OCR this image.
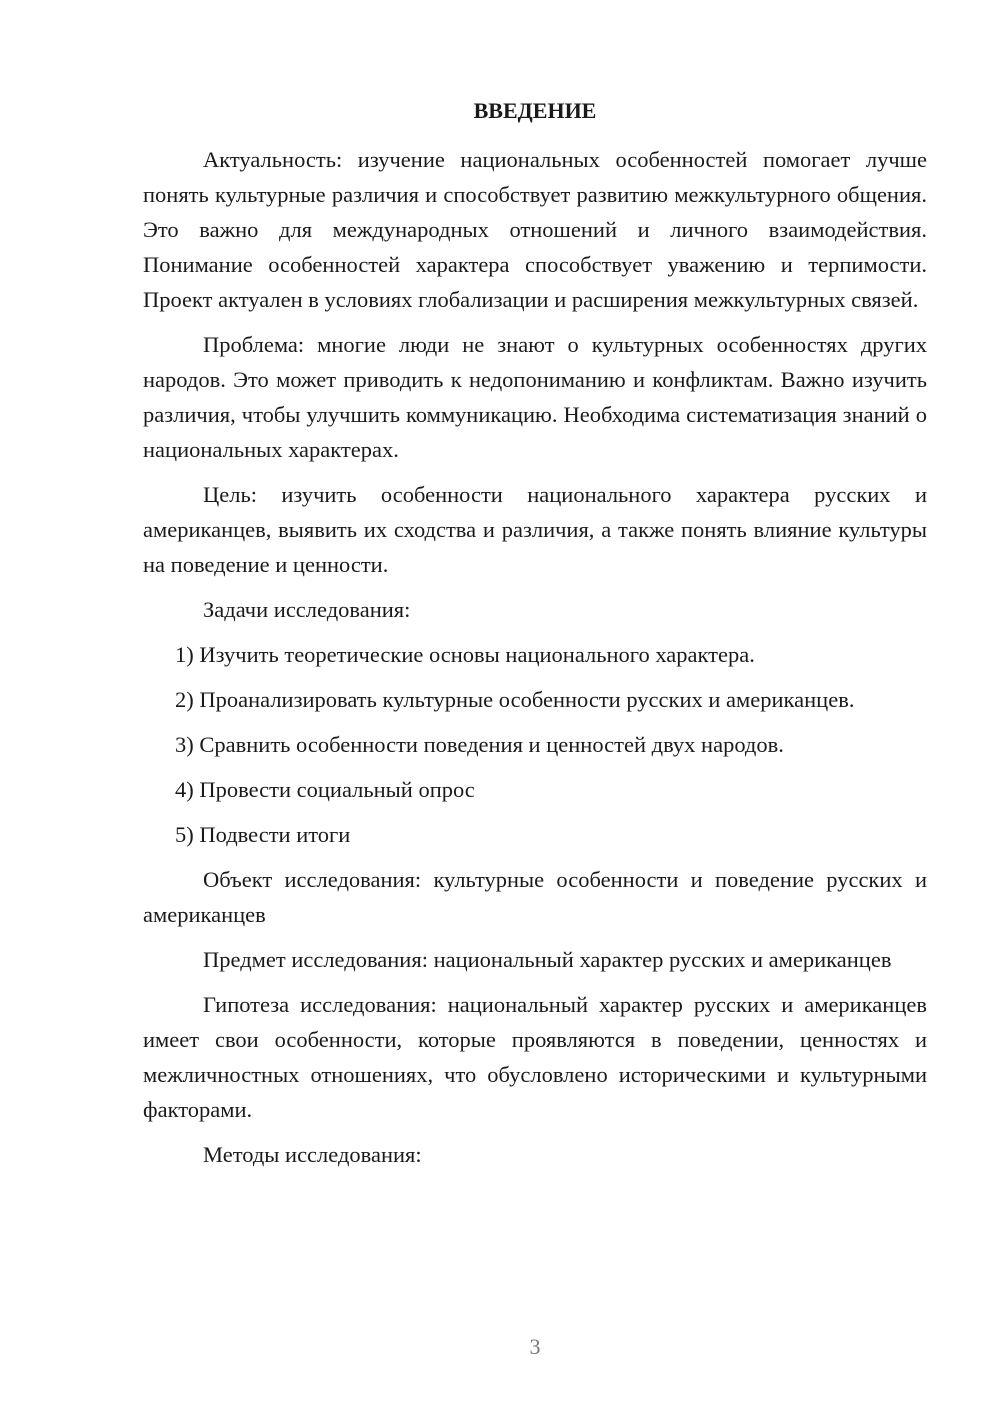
ВВЕДЕНИЕ

Актуальность: изучение национальных особенностей помогает лучше понять культурные различия и способствует развитию межкультурного общения. Это важно для международных отношений и личного взаимодействия. Понимание особенностей характера способствует уважению и терпимости. Проект актуален в условиях глобализации и расширения межкультурных связей.

Проблема: многие люди не знают о культурных особенностях других народов. Это может приводить к недопониманию и конфликтам. Важно изучить различия, чтобы улучшить коммуникацию. Необходима систематизация знаний о национальных характерах.

Цель: изучить особенности национального характера русских и американцев, выявить их сходства и различия, а также понять влияние культуры на поведение и ценности.

Задачи исследования:

1) Изучить теоретические основы национального характера.

2) Проанализировать культурные особенности русских и американцев.

3) Сравнить особенности поведения и ценностей двух народов.

4) Провести социальный опрос

5) Подвести итоги

Объект исследования: культурные особенности и поведение русских и американцев

Предмет исследования: национальный характер русских и американцев

Гипотеза исследования: национальный характер русских и американцев имеет свои особенности, которые проявляются в поведении, ценностях и межличностных отношениях, что обусловлено историческими и культурными факторами.

Методы исследования:

3
